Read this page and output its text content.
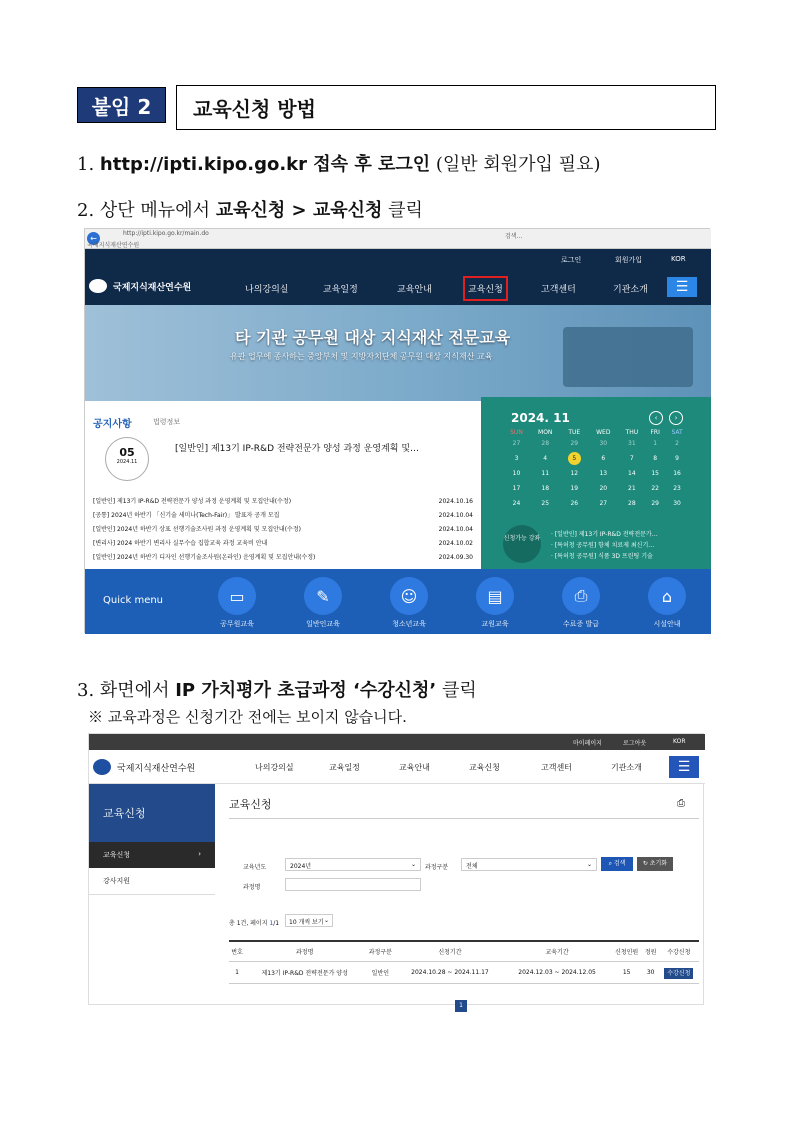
붙임 2	교육신청 방법
1. http://ipti.kipo.go.kr 접속 후 로그인 (일반 회원가입 필요)
2. 상단 메뉴에서 교육신청 > 교육신청 클릭
←
http://ipti.kipo.go.kr/main.do
국제지식재산연수원
검색...
로그인	회원가입	KOR
국제지식재산연수원	나의강의실	교육일정	교육안내	교육신청	고객센터	기관소개	☰
타 기관 공무원 대상 지식재산 전문교육
유관 업무에 종사하는 중앙부처 및 지방자치단체 공무원 대상 지식재산 교육
공지사항	법령정보
05
2024.11
[일반인] 제13기 IP-R&D 전략전문가 양성 과정 운영계획 및…
[일반인] 제13기 IP-R&D 전략전문가 양성 과정 운영계획 및 모집안내(수정)	2024.10.16
[공통] 2024년 하반기 「신기술 세미나(Tech-Fair)」 발표자 공개 모집	2024.10.04
[일반인] 2024년 하반기 상표 선행기술조사원 과정 운영계획 및 모집안내(수정)	2024.10.04
[변리사] 2024 하반기 변리사 실무수습 집합교육 과정 교육비 안내	2024.10.02
[일반인] 2024년 하반기 디자인 선행기술조사원(온라인) 운영계획 및 모집안내(수정)	2024.09.30
2024. 11	‹	›
SUN	MON	TUE	WED	THU	FRI	SAT
27	28	29	30	31	1	2
3	4	5	6	7	8	9
10	11	12	13	14	15	16
17	18	19	20	21	22	23
24	25	26	27	28	29	30
신청가능 강좌
· [일반인] 제13기 IP-R&D 전략전문가…
· [특허청 공무원] 항체 치료제 최신기…
· [특허청 공무원] 식품 3D 프린팅 기술
Quick menu	▭
공무원교육
✎
일반인교육
☺
청소년교육
▤
교원교육
⎙
수료증 발급
⌂
시설안내
3. 화면에서 IP 가치평가 초급과정 ‘수강신청’ 클릭
※ 교육과정은 신청기간 전에는 보이지 않습니다.
마이페이지	로그아웃	KOR
국제지식재산연수원	나의강의실	교육일정	교육안내	교육신청	고객센터	기관소개	☰
교육신청
교육신청	›
강사지원
교육신청	⎙
교육년도	2024년	⌄ 과정구분	전체	⌄	⌕ 검색	↻ 초기화
과정명
총 1건, 페이지 1/1 10 개씩 보기 ⌄
번호	과정명	과정구분	신청기간	교육기간	신청인원	정원	수강신청
1	제13기 IP-R&D 전략전문가 양성	일반인	2024.10.28 ~ 2024.11.17	2024.12.03 ~ 2024.12.05	15	30	수강신청
1
